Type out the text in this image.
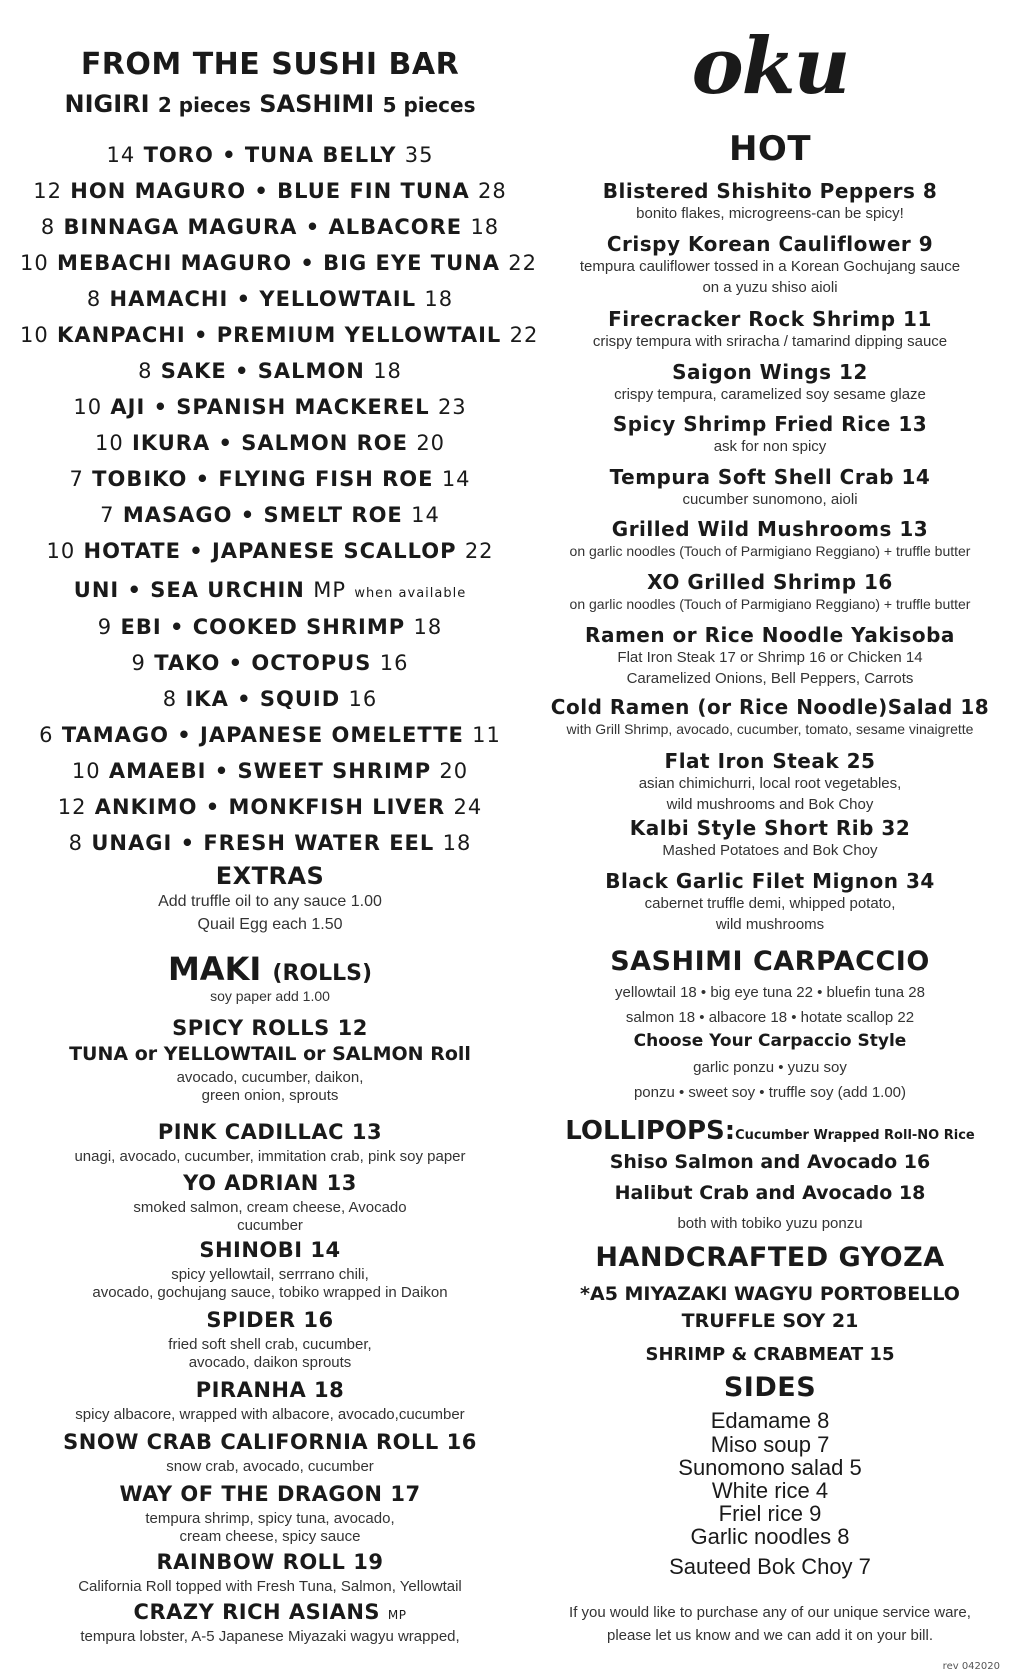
FROM THE SUSHI BAR
NIGIRI 2 pieces SASHIMI 5 pieces
14 TORO • TUNA BELLY 35
12 HON MAGURO • BLUE FIN TUNA 28
8 BINNAGA MAGURA • ALBACORE 18
10 MEBACHI MAGURO • BIG EYE TUNA 22
8 HAMACHI • YELLOWTAIL 18
10 KANPACHI • PREMIUM YELLOWTAIL 22
8 SAKE • SALMON 18
10 AJI • SPANISH MACKEREL 23
10 IKURA • SALMON ROE 20
7 TOBIKO • FLYING FISH ROE 14
7 MASAGO • SMELT ROE 14
10 HOTATE • JAPANESE SCALLOP 22
UNI • SEA URCHIN MP when available
9 EBI • COOKED SHRIMP 18
9 TAKO • OCTOPUS 16
8 IKA • SQUID 16
6 TAMAGO • JAPANESE OMELETTE 11
10 AMAEBI • SWEET SHRIMP 20
12 ANKIMO • MONKFISH LIVER 24
8 UNAGI • FRESH WATER EEL 18
EXTRAS
Add truffle oil to any sauce 1.00
Quail Egg each 1.50
MAKI (ROLLS)
soy paper add 1.00
SPICY ROLLS 12
TUNA or YELLOWTAIL or SALMON Roll
avocado, cucumber, daikon,
green onion, sprouts
PINK CADILLAC 13
unagi, avocado, cucumber, immitation crab, pink soy paper
YO ADRIAN 13
smoked salmon, cream cheese, Avocado
cucumber
SHINOBI 14
spicy yellowtail, serrrano chili,
avocado, gochujang sauce, tobiko wrapped in Daikon
SPIDER 16
fried soft shell crab, cucumber,
avocado, daikon sprouts
PIRANHA 18
spicy albacore, wrapped with albacore, avocado,cucumber
SNOW CRAB CALIFORNIA ROLL 16
snow crab, avocado, cucumber
WAY OF THE DRAGON 17
tempura shrimp, spicy tuna, avocado,
cream cheese, spicy sauce
RAINBOW ROLL 19
California Roll topped with Fresh Tuna, Salmon, Yellowtail
CRAZY RICH ASIANS MP
tempura lobster, A-5 Japanese Miyazaki wagyu wrapped,
oku
HOT
Blistered Shishito Peppers 8
bonito flakes, microgreens-can be spicy!
Crispy Korean Cauliflower 9
tempura cauliflower tossed in a Korean Gochujang sauce
on a yuzu shiso aioli
Firecracker Rock Shrimp 11
crispy tempura with sriracha / tamarind dipping sauce
Saigon Wings 12
crispy tempura, caramelized soy sesame glaze
Spicy Shrimp Fried Rice 13
ask for non spicy
Tempura Soft Shell Crab 14
cucumber sunomono, aioli
Grilled Wild Mushrooms 13
on garlic noodles (Touch of Parmigiano Reggiano) + truffle butter
XO Grilled Shrimp 16
on garlic noodles (Touch of Parmigiano Reggiano) + truffle butter
Ramen or Rice Noodle Yakisoba
Flat Iron Steak 17 or Shrimp 16 or Chicken 14
Caramelized Onions, Bell Peppers, Carrots
Cold Ramen (or Rice Noodle)Salad 18
with Grill Shrimp, avocado, cucumber, tomato, sesame vinaigrette
Flat Iron Steak 25
asian chimichurri, local root vegetables,
wild mushrooms and Bok Choy
Kalbi Style Short Rib 32
Mashed Potatoes and Bok Choy
Black Garlic Filet Mignon 34
cabernet truffle demi, whipped potato,
wild mushrooms
SASHIMI CARPACCIO
yellowtail 18 • big eye tuna 22 • bluefin tuna 28
salmon 18 • albacore 18 • hotate scallop 22
Choose Your Carpaccio Style
garlic ponzu • yuzu soy
ponzu • sweet soy • truffle soy (add 1.00)
LOLLIPOPS:Cucumber Wrapped Roll-NO Rice
Shiso Salmon and Avocado 16
Halibut Crab and Avocado 18
both with tobiko yuzu ponzu
HANDCRAFTED GYOZA
*A5 MIYAZAKI WAGYU PORTOBELLO
TRUFFLE SOY 21
SHRIMP & CRABMEAT 15
SIDES
Edamame 8
Miso soup 7
Sunomono salad 5
White rice 4
Friel rice 9
Garlic noodles 8
Sauteed Bok Choy 7
If you would like to purchase any of our unique service ware,
please let us know and we can add it on your bill.
rev 042020
